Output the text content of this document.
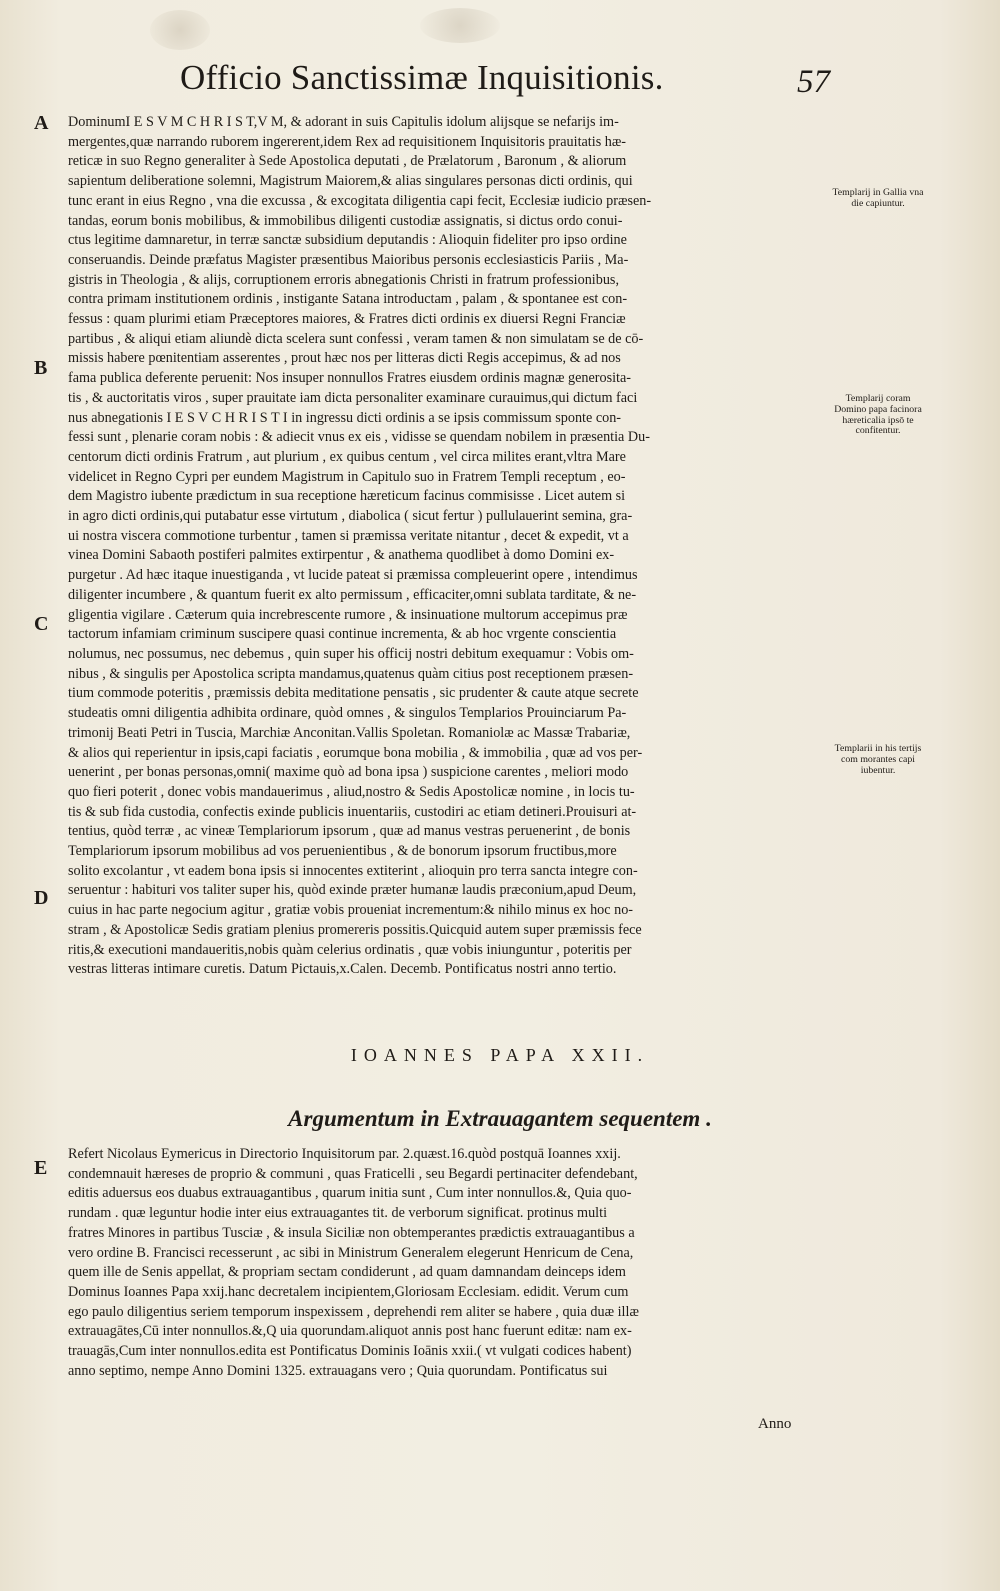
Officio Sanctissimæ Inquisitionis.	57
A
B
C
D
E
DominumI E S V M C H R I S T,V M, & adorant in suis Capitulis idolum alijsque se nefarijs im-
mergentes,quæ narrando ruborem ingererent,idem Rex ad requisitionem Inquisitoris prauitatis hæ-
reticæ in suo Regno generaliter à Sede Apostolica deputati , de Prælatorum , Baronum , & aliorum
sapientum deliberatione solemni, Magistrum Maiorem,& alias singulares personas dicti ordinis, qui
tunc erant in eius Regno , vna die excussa , & excogitata diligentia capi fecit, Ecclesiæ iudicio præsen-
tandas, eorum bonis mobilibus, & immobilibus diligenti custodiæ assignatis, si dictus ordo conui-
ctus legitime damnaretur, in terræ sanctæ subsidium deputandis : Alioquin fideliter pro ipso ordine
conseruandis. Deinde præfatus Magister præsentibus Maioribus personis ecclesiasticis Pariis , Ma-
gistris in Theologia , & alijs, corruptionem erroris abnegationis Christi in fratrum professionibus,
contra primam institutionem ordinis , instigante Satana introductam , palam , & spontanee est con-
fessus : quam plurimi etiam Præceptores maiores, & Fratres dicti ordinis ex diuersi Regni Franciæ
partibus , & aliqui etiam aliundè dicta scelera sunt confessi , veram tamen & non simulatam se de cō-
missis habere pœnitentiam asserentes , prout hæc nos per litteras dicti Regis accepimus, & ad nos
fama publica deferente peruenit: Nos insuper nonnullos Fratres eiusdem ordinis magnæ generosita-
tis , & auctoritatis viros , super prauitate iam dicta personaliter examinare curauimus,qui dictum faci
nus abnegationis I E S V C H R I S T I in ingressu dicti ordinis a se ipsis commissum sponte con-
fessi sunt , plenarie coram nobis : & adiecit vnus ex eis , vidisse se quendam nobilem in præsentia Du-
centorum dicti ordinis Fratrum , aut plurium , ex quibus centum , vel circa milites erant,vltra Mare
videlicet in Regno Cypri per eundem Magistrum in Capitulo suo in Fratrem Templi receptum , eo-
dem Magistro iubente prædictum in sua receptione hæreticum facinus commisisse . Licet autem si
in agro dicti ordinis,qui putabatur esse virtutum , diabolica ( sicut fertur ) pullulauerint semina, gra-
ui nostra viscera commotione turbentur , tamen si præmissa veritate nitantur , decet & expedit, vt a
vinea Domini Sabaoth postiferi palmites extirpentur , & anathema quodlibet à domo Domini ex-
purgetur . Ad hæc itaque inuestiganda , vt lucide pateat si præmissa compleuerint opere , intendimus
diligenter incumbere , & quantum fuerit ex alto permissum , efficaciter,omni sublata tarditate, & ne-
gligentia vigilare . Cæterum quia increbrescente rumore , & insinuatione multorum accepimus præ
tactorum infamiam criminum suscipere quasi continue incrementa, & ab hoc vrgente conscientia
nolumus, nec possumus, nec debemus , quin super his officij nostri debitum exequamur : Vobis om-
nibus , & singulis per Apostolica scripta mandamus,quatenus quàm citius post receptionem præsen-
tium commode poteritis , præmissis debita meditatione pensatis , sic prudenter & caute atque secrete
studeatis omni diligentia adhibita ordinare, quòd omnes , & singulos Templarios Prouinciarum Pa-
trimonij Beati Petri in Tuscia, Marchiæ Anconitan.Vallis Spoletan. Romaniolæ ac Massæ Trabariæ,
& alios qui reperientur in ipsis,capi faciatis , eorumque bona mobilia , & immobilia , quæ ad vos per-
uenerint , per bonas personas,omni( maxime quò ad bona ipsa ) suspicione carentes , meliori modo
quo fieri poterit , donec vobis mandauerimus , aliud,nostro & Sedis Apostolicæ nomine , in locis tu-
tis & sub fida custodia, confectis exinde publicis inuentariis, custodiri ac etiam detineri.Prouisuri at-
tentius, quòd terræ , ac vineæ Templariorum ipsorum , quæ ad manus vestras peruenerint , de bonis
Templariorum ipsorum mobilibus ad vos peruenientibus , & de bonorum ipsorum fructibus,more
solito excolantur , vt eadem bona ipsis si innocentes extiterint , alioquin pro terra sancta integre con-
seruentur : habituri vos taliter super his, quòd exinde præter humanæ laudis præconium,apud Deum,
cuius in hac parte negocium agitur , gratiæ vobis proueniat incrementum:& nihilo minus ex hoc no-
stram , & Apostolicæ Sedis gratiam plenius promereris possitis.Quicquid autem super præmissis fece
ritis,& executioni mandaueritis,nobis quàm celerius ordinatis , quæ vobis iniunguntur , poteritis per
vestras litteras intimare curetis. Datum Pictauis,x.Calen. Decemb. Pontificatus nostri anno tertio.
Templarij in Gallia vna die capiuntur.
Templarij coram Domino papa facinora hæreticalia ipsō te confitentur.
Templarii in his tertijs com morantes capi iubentur.
IOANNES PAPA XXII.
Argumentum in Extrauagantem sequentem .
Refert Nicolaus Eymericus in Directorio Inquisitorum par. 2.quæst.16.quòd postquā Ioannes xxij.
condemnauit hæreses de proprio & communi , quas Fraticelli , seu Begardi pertinaciter defendebant,
editis aduersus eos duabus extrauagantibus , quarum initia sunt , Cum inter nonnullos.&, Quia quo-
rundam . quæ leguntur hodie inter eius extrauagantes tit. de verborum significat. protinus multi
fratres Minores in partibus Tusciæ , & insula Siciliæ non obtemperantes prædictis extrauagantibus a
vero ordine B. Francisci recesserunt , ac sibi in Ministrum Generalem elegerunt Henricum de Cena,
quem ille de Senis appellat, & propriam sectam condiderunt , ad quam damnandam deinceps idem
Dominus Ioannes Papa xxij.hanc decretalem incipientem,Gloriosam Ecclesiam. edidit. Verum cum
ego paulo diligentius seriem temporum inspexissem , deprehendi rem aliter se habere , quia duæ illæ
extrauagātes,Cū inter nonnullos.&,Q uia quorundam.aliquot annis post hanc fuerunt editæ: nam ex-
trauagās,Cum inter nonnullos.edita est Pontificatus Dominis Ioānis xxii.( vt vulgati codices habent)
anno septimo, nempe Anno Domini 1325. extrauagans vero ; Quia quorundam. Pontificatus sui
Anno
